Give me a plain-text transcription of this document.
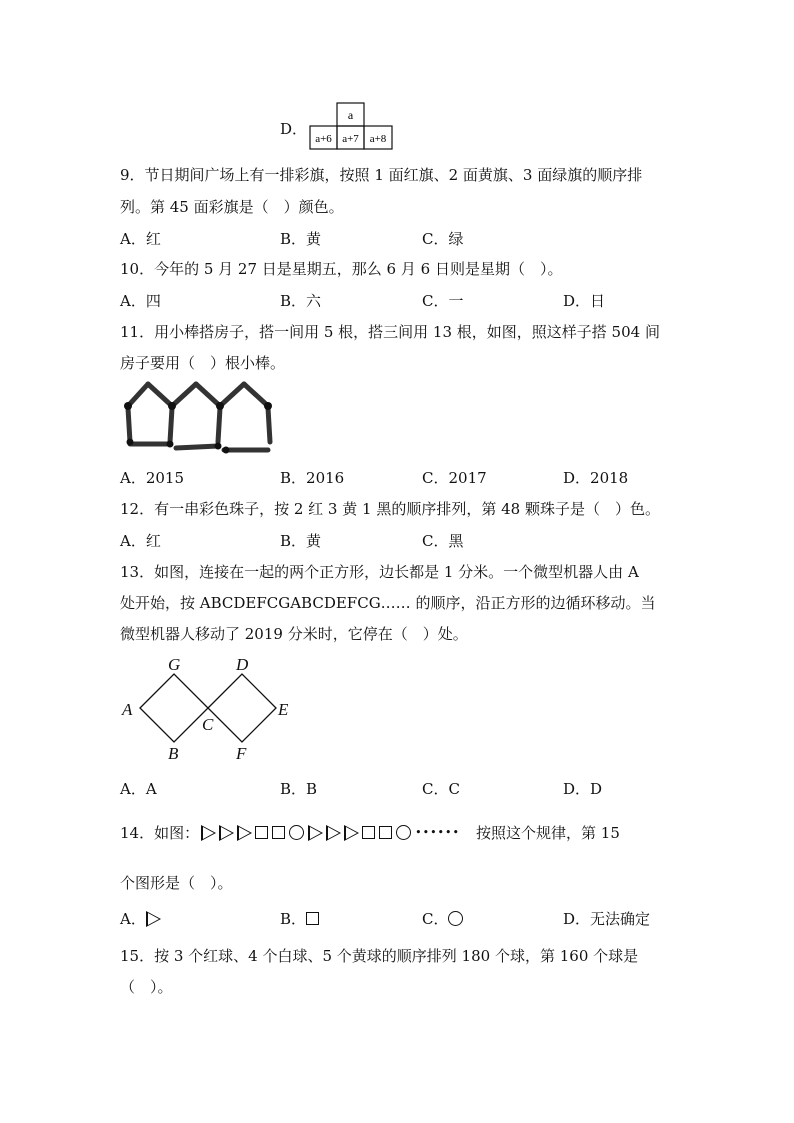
D．
a
a+6 a+7 a+8
9．节日期间广场上有一排彩旗，按照 1 面红旗、2 面黄旗、3 面绿旗的顺序排
列。第 45 面彩旗是（　）颜色。
A．红	B．黄	C．绿
10．今年的 5 月 27 日是星期五，那么 6 月 6 日则是星期（　）。
A．四	B．六	C．一	D．日
11．用小棒搭房子，搭一间用 5 根，搭三间用 13 根，如图，照这样子搭 504 间
房子要用（　）根小棒。
A．2015	B．2016	C．2017	D．2018
12．有一串彩色珠子，按 2 红 3 黄 1 黑的顺序排列，第 48 颗珠子是（　）色。
A．红	B．黄	C．黑
13．如图，连接在一起的两个正方形，边长都是 1 分米。一个微型机器人由 A
处开始，按 ABCDEFCGABCDEFCG…… 的顺序，沿正方形的边循环移动。当
微型机器人移动了 2019 分米时，它停在（　）处。
G	D
A
C
E
B	F
A．A	B．B	C．C	D．D
14．如图：	•••••• 按照这个规律，第 15
个图形是（　）。
A．	B．	C．	D．无法确定
15．按 3 个红球、4 个白球、5 个黄球的顺序排列 180 个球，第 160 个球是
（　）。
